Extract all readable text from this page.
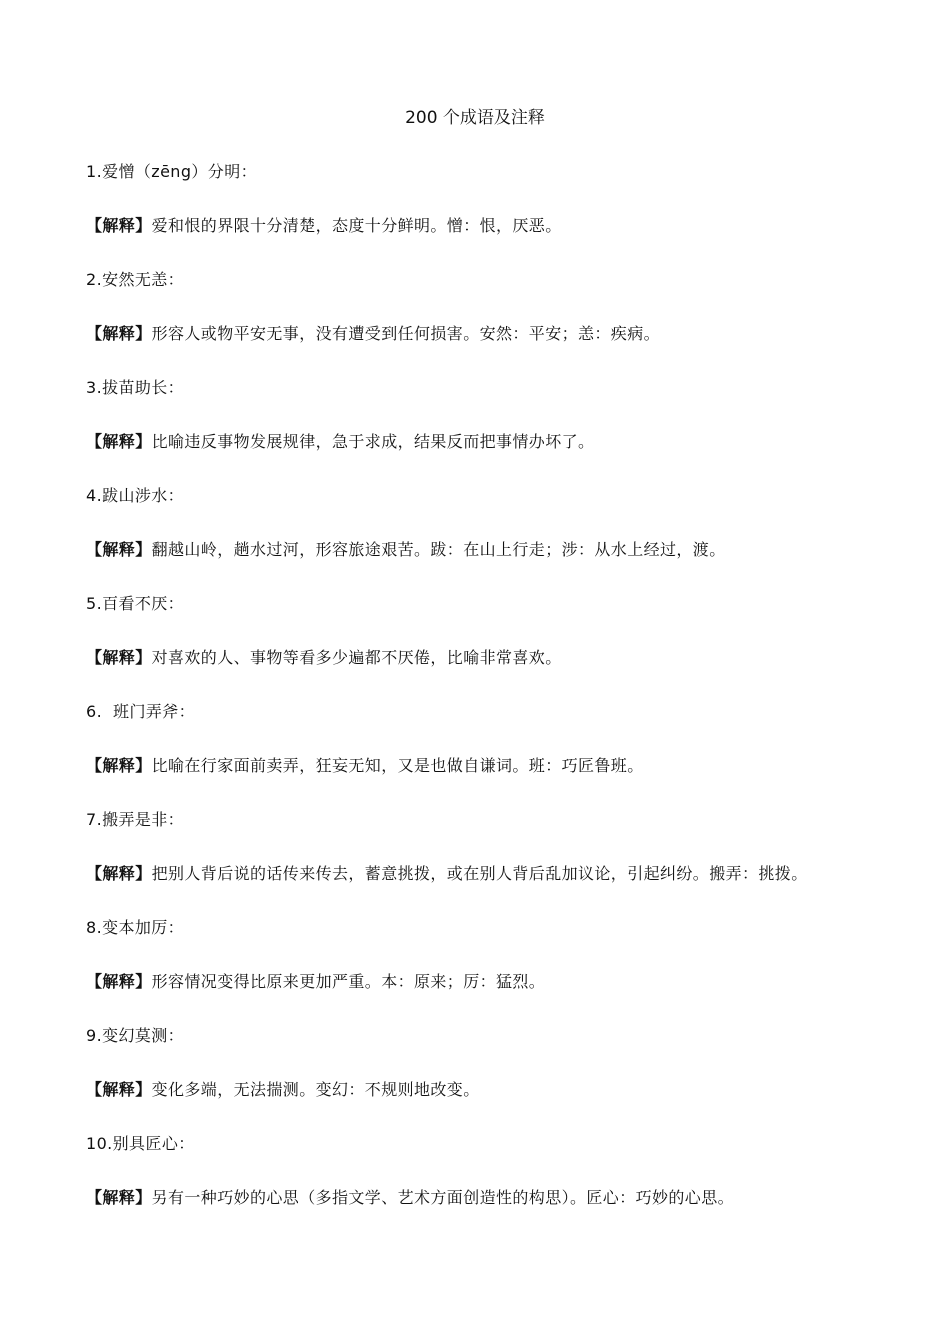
200 个成语及注释

1.爱憎（zēng）分明：

【解释】爱和恨的界限十分清楚，态度十分鲜明。憎：恨，厌恶。

2.安然无恙：

【解释】形容人或物平安无事，没有遭受到任何损害。安然：平安；恙：疾病。

3.拔苗助长：

【解释】比喻违反事物发展规律，急于求成，结果反而把事情办坏了。

4.跋山涉水：

【解释】翻越山岭，趟水过河，形容旅途艰苦。跋：在山上行走；涉：从水上经过，渡。

5.百看不厌：

【解释】对喜欢的人、事物等看多少遍都不厌倦，比喻非常喜欢。

6.  班门弄斧：

【解释】比喻在行家面前卖弄，狂妄无知，又是也做自谦词。班：巧匠鲁班。

7.搬弄是非：

【解释】把别人背后说的话传来传去，蓄意挑拨，或在别人背后乱加议论，引起纠纷。搬弄：挑拨。

8.变本加厉：

【解释】形容情况变得比原来更加严重。本：原来；厉：猛烈。

9.变幻莫测：

【解释】变化多端，无法揣测。变幻：不规则地改变。

10.别具匠心：

【解释】另有一种巧妙的心思（多指文学、艺术方面创造性的构思）。匠心：巧妙的心思。
